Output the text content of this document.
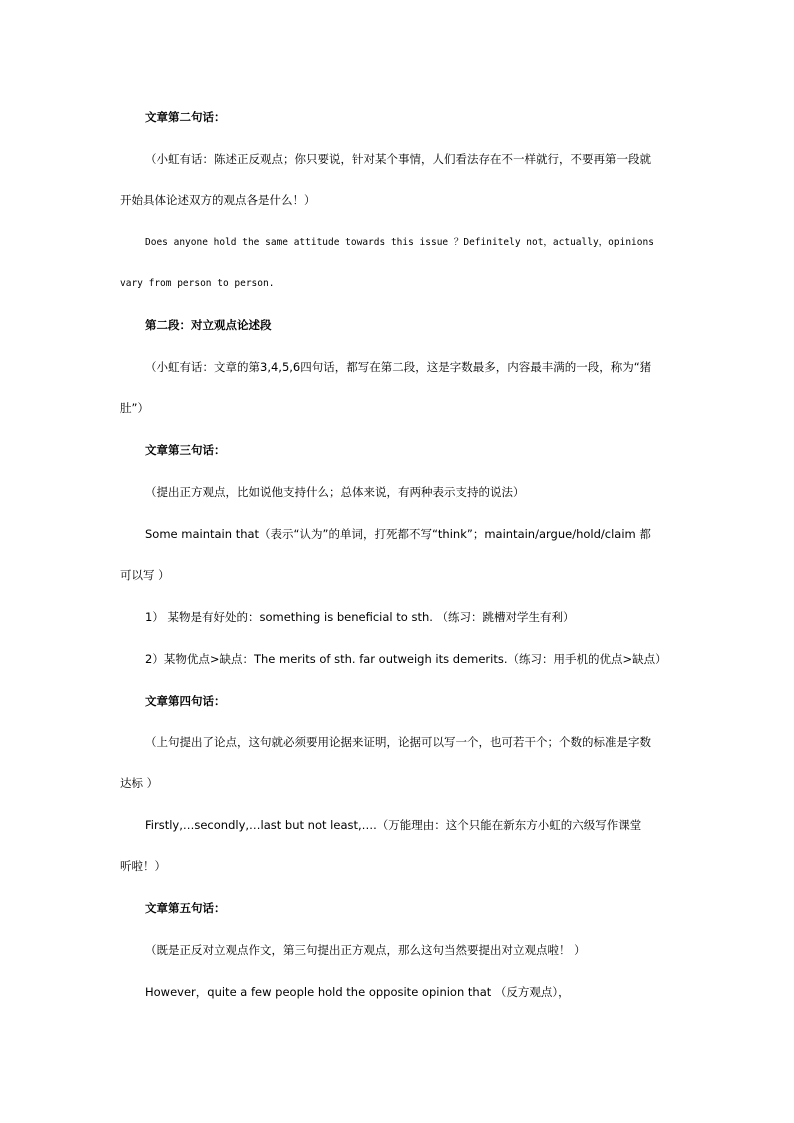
文章第二句话：
（小虹有话：陈述正反观点；你只要说，针对某个事情，人们看法存在不一样就行，不要再第一段就
开始具体论述双方的观点各是什么！）
Does anyone hold the same attitude towards this issue ？Definitely not，actually，opinions
vary from person to person.
第二段：对立观点论述段
（小虹有话：文章的第3,4,5,6四句话，都写在第二段，这是字数最多，内容最丰满的一段，称为“猪
肚”）
文章第三句话：
（提出正方观点，比如说他支持什么；总体来说，有两种表示支持的说法）
Some maintain that（表示“认为”的单词，打死都不写“think”；maintain/argue/hold/claim 都
可以写 ）
1） 某物是有好处的：something is beneficial to sth. （练习：跳槽对学生有利）
2）某物优点>缺点：The merits of sth. far outweigh its demerits.（练习：用手机的优点>缺点）
文章第四句话：
（上句提出了论点，这句就必须要用论据来证明，论据可以写一个，也可若干个；个数的标准是字数
达标 ）
Firstly,…secondly,…last but not least,….（万能理由：这个只能在新东方小虹的六级写作课堂
听啦！）
文章第五句话：
（既是正反对立观点作文，第三句提出正方观点，那么这句当然要提出对立观点啦！ ）
However，quite a few people hold the opposite opinion that （反方观点），
